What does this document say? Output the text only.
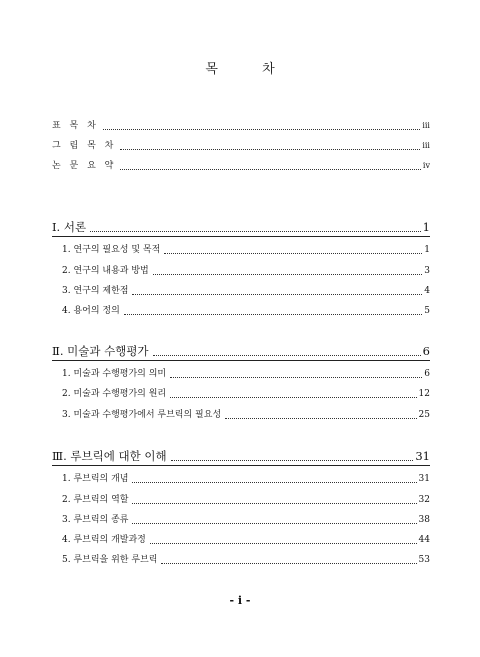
목 차
표 목 차	iii
그 림 목 차	iii
논 문 요 약	iv
Ⅰ. 서론	1
1. 연구의 필요성 및 목적	1
2. 연구의 내용과 방법	3
3. 연구의 제한점	4
4. 용어의 정의	5
Ⅱ. 미술과 수행평가	6
1. 미술과 수행평가의 의미	6
2. 미술과 수행평가의 원리	12
3. 미술과 수행평가에서 루브릭의 필요성	25
Ⅲ. 루브릭에 대한 이해	31
1. 루브릭의 개념	31
2. 루브릭의 역할	32
3. 루브릭의 종류	38
4. 루브릭의 개발과정	44
5. 루브릭을 위한 루브릭	53
- i -
